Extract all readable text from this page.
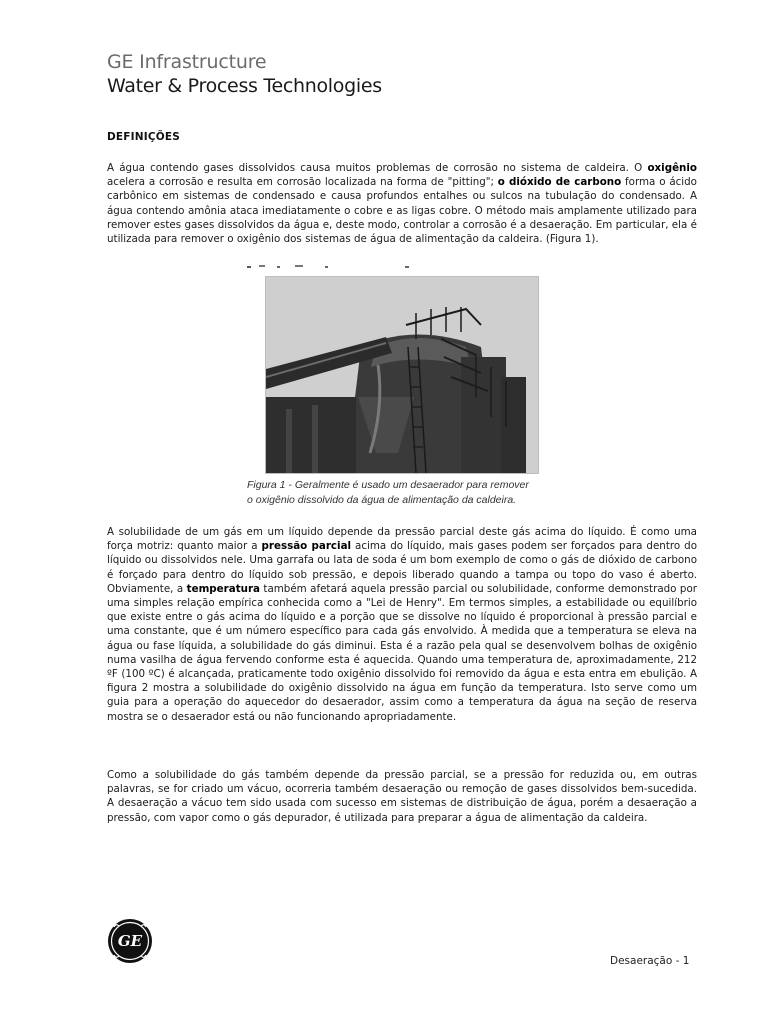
GE Infrastructure
Water & Process Technologies
DEFINIÇÕES

A água contendo gases dissolvidos causa muitos problemas de corrosão no sistema de caldeira. O oxigênio acelera a corrosão e resulta em corrosão localizada na forma de "pitting"; o dióxido de carbono forma o ácido carbônico em sistemas de condensado e causa profundos entalhes ou sulcos na tubulação do condensado. A água contendo amônia ataca imediatamente o cobre e as ligas cobre. O método mais amplamente utilizado para remover estes gases dissolvidos da água e, deste modo, controlar a corrosão é a desaeração. Em particular, ela é utilizada para remover o oxigênio dos sistemas de água de alimentação da caldeira. (Figura 1).

Figura 1 - Geralmente é usado um desaerador para remover
o oxigênio dissolvido da água de alimentação da caldeira.

A solubilidade de um gás em um líquido depende da pressão parcial deste gás acima do líquido. É como uma força motriz: quanto maior a pressão parcial acima do líquido, mais gases podem ser forçados para dentro do líquido ou dissolvidos nele. Uma garrafa ou lata de soda é um bom exemplo de como o gás de dióxido de carbono é forçado para dentro do líquido sob pressão, e depois liberado quando a tampa ou topo do vaso é aberto. Obviamente, a temperatura também afetará aquela pressão parcial ou solubilidade, conforme demonstrado por uma simples relação empírica conhecida como a "Lei de Henry". Em termos simples, a estabilidade ou equilíbrio que existe entre o gás acima do líquido e a porção que se dissolve no líquido é proporcional à pressão parcial e uma constante, que é um número específico para cada gás envolvido. À medida que a temperatura se eleva na água ou fase líquida, a solubilidade do gás diminui. Esta é a razão pela qual se desenvolvem bolhas de oxigênio numa vasilha de água fervendo conforme esta é aquecida. Quando uma temperatura de, aproximadamente, 212 ºF (100 ºC) é alcançada, praticamente todo oxigênio dissolvido foi removido da água e esta entra em ebulição. A figura 2 mostra a solubilidade do oxigênio dissolvido na água em função da temperatura. Isto serve como um guia para a operação do aquecedor do desaerador, assim como a temperatura da água na seção de reserva mostra se o desaerador está ou não funcionando apropriadamente.

Como a solubilidade do gás também depende da pressão parcial, se a pressão for reduzida ou, em outras palavras, se for criado um vácuo, ocorreria também desaeração ou remoção de gases dissolvidos bem-sucedida. A desaeração a vácuo tem sido usada com sucesso em sistemas de distribuição de água, porém a desaeração a pressão, com vapor como o gás depurador, é utilizada para preparar a água de alimentação da caldeira.

GE
Desaeração - 1
